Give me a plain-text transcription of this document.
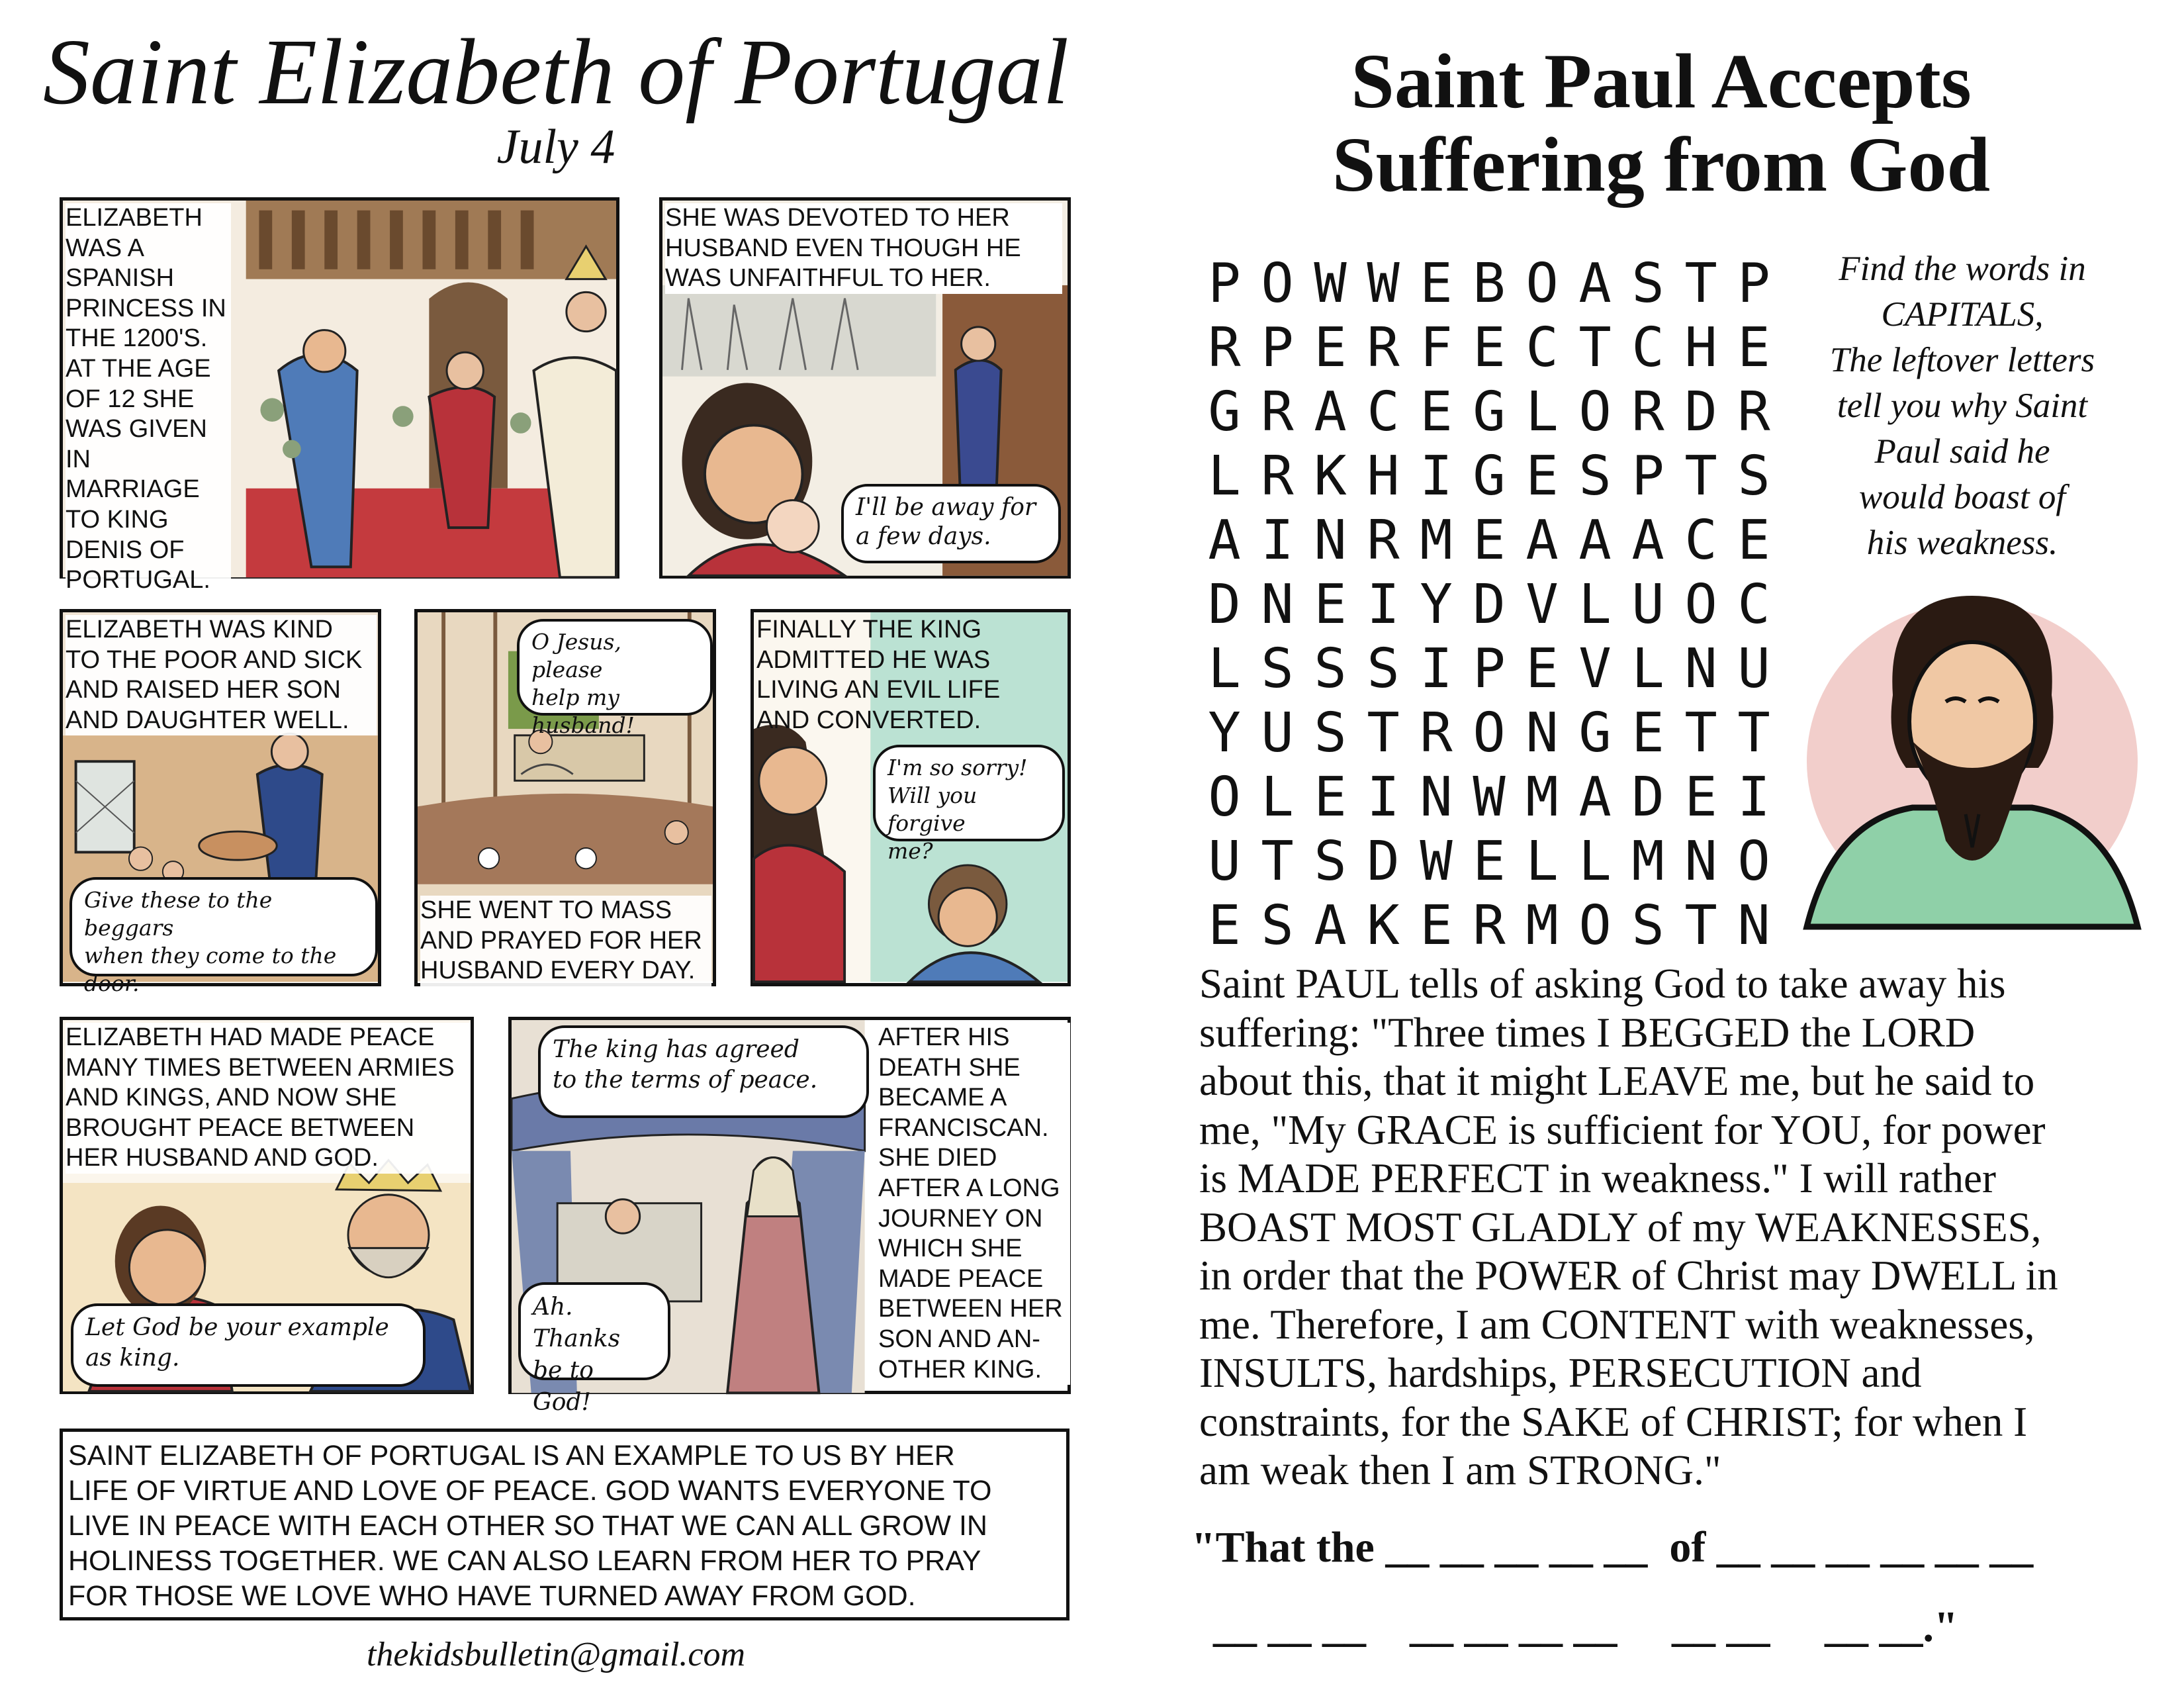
Saint Elizabeth of Portugal
July 4
ELIZABETH
WAS A
SPANISH
PRINCESS IN
THE 1200'S.
AT THE AGE
OF 12 SHE
WAS GIVEN
IN MARRIAGE
TO KING
DENIS OF
PORTUGAL.
SHE WAS DEVOTED TO HER
HUSBAND EVEN THOUGH HE
WAS UNFAITHFUL TO HER.
I'll be away for
a few days.
ELIZABETH WAS KIND
TO THE POOR AND SICK
AND RAISED HER SON
AND DAUGHTER WELL.
Give these to the beggars
when they come to the
door.
O Jesus, please
help my
husband!
SHE WENT TO MASS
AND PRAYED FOR HER
HUSBAND EVERY DAY.
FINALLY THE KING
ADMITTED HE WAS
LIVING AN EVIL LIFE
AND CONVERTED.
I'm so sorry!
Will you forgive
me?
ELIZABETH HAD MADE PEACE
MANY TIMES BETWEEN ARMIES
AND KINGS, AND NOW SHE
BROUGHT PEACE BETWEEN
HER HUSBAND AND GOD.
Let God be your example
as king.
The king has agreed
to the terms of peace.
Ah. Thanks
be to God!
AFTER HIS
DEATH SHE
BECAME A
FRANCISCAN.
SHE DIED
AFTER A LONG
JOURNEY ON
WHICH SHE
MADE PEACE
BETWEEN HER
SON AND AN-
OTHER KING.
SAINT ELIZABETH OF PORTUGAL IS AN EXAMPLE TO US BY HER
LIFE OF VIRTUE AND LOVE OF PEACE. GOD WANTS EVERYONE TO
LIVE IN PEACE WITH EACH OTHER SO THAT WE CAN ALL GROW IN
HOLINESS TOGETHER. WE CAN ALSO LEARN FROM HER TO PRAY
FOR THOSE WE LOVE WHO HAVE TURNED AWAY FROM GOD.
thekidsbulletin@gmail.com
Saint Paul Accepts
Suffering from God
P O W W E B O A S T P
R P E R F E C T C H E
G R A C E G L O R D R
L R K H I G E S P T S
A I N R M E A A A C E
D N E I Y D V L U O C
L S S S I P E V L N U
Y U S T R O N G E T T
O L E I N W M A D E I
U T S D W E L L M N O
E S A K E R M O S T N
Find the words in
CAPITALS,
The leftover letters
tell you why Saint
Paul said he
would boast of
his weakness.
Saint PAUL tells of asking God to take away his
suffering: "Three times I BEGGED the LORD
about this, that it might LEAVE me, but he said to
me, "My GRACE is sufficient for YOU, for power
is MADE PERFECT in weakness." I will rather
BOAST MOST GLADLY of my WEAKNESSES,
in order that the POWER of Christ may DWELL in
me. Therefore, I am CONTENT with weaknesses,
INSULTS, hardships, PERSECUTION and
constraints, for the SAKE of CHRIST; for when I
am weak then I am STRONG."
"That the __ __ __ __ __  of __ __ __ __ __ __
__ __ __    __ __ __ __     __ __     __ __."
